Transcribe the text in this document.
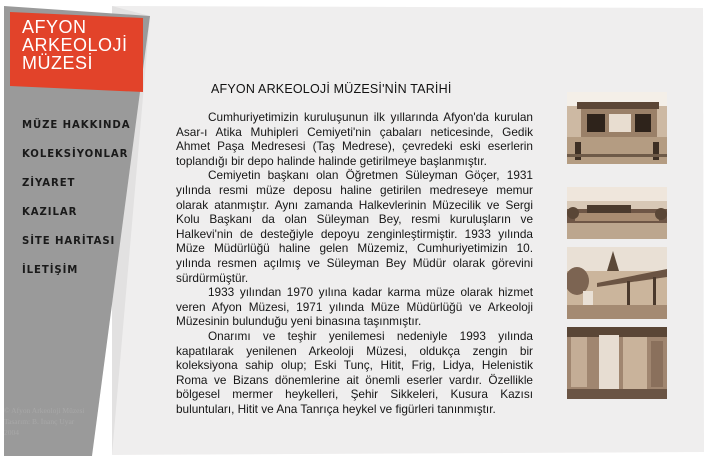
AFYON
ARKEOLOJİ
MÜZESİ
MÜZE HAKKINDA
KOLEKSİYONLAR
ZİYARET
KAZILAR
SİTE HARİTASI
İLETİŞİM
© Afyon Arkeoloji Müzesi
Tasarım: B. İnanç Uyar
2004
AFYON ARKEOLOJİ MÜZESİ'NİN TARİHİ

Cumhuriyetimizin kuruluşunun ilk yıllarında Afyon'da kurulan Asar-ı Atika Muhipleri Cemiyeti'nin çabaları neticesinde, Gedik Ahmet Paşa Medresesi (Taş Medrese), çevredeki eski eserlerin toplandığı bir depo halinde halinde getirilmeye başlanmıştır.

Cemiyetin başkanı olan Öğretmen Süleyman Göçer, 1931 yılında resmi müze deposu haline getirilen medreseye memur olarak atanmıştır. Aynı zamanda Halkevlerinin Müzecilik ve Sergi Kolu Başkanı da olan Süleyman Bey, resmi kuruluşların ve Halkevi'nin de desteğiyle depoyu zenginleştirmiştir. 1933 yılında Müze Müdürlüğü haline gelen Müzemiz, Cumhuriyetimizin 10. yılında resmen açılmış ve Süleyman Bey Müdür olarak görevini sürdürmüştür.

1933 yılından 1970 yılına kadar karma müze olarak hizmet veren Afyon Müzesi, 1971 yılında Müze Müdürlüğü ve Arkeoloji Müzesinin bulunduğu yeni binasına taşınmıştır.

Onarımı ve teşhir yenilemesi nedeniyle 1993 yılında kapatılarak yenilenen Arkeoloji Müzesi, oldukça zengin bir koleksiyona sahip olup; Eski Tunç, Hitit, Frig, Lidya, Helenistik Roma ve Bizans dönemlerine ait önemli eserler vardır. Özellikle bölgesel mermer heykelleri, Şehir Sikkeleri, Kusura Kazısı buluntuları, Hitit ve Ana Tanrıça heykel ve figürleri tanınmıştır.
